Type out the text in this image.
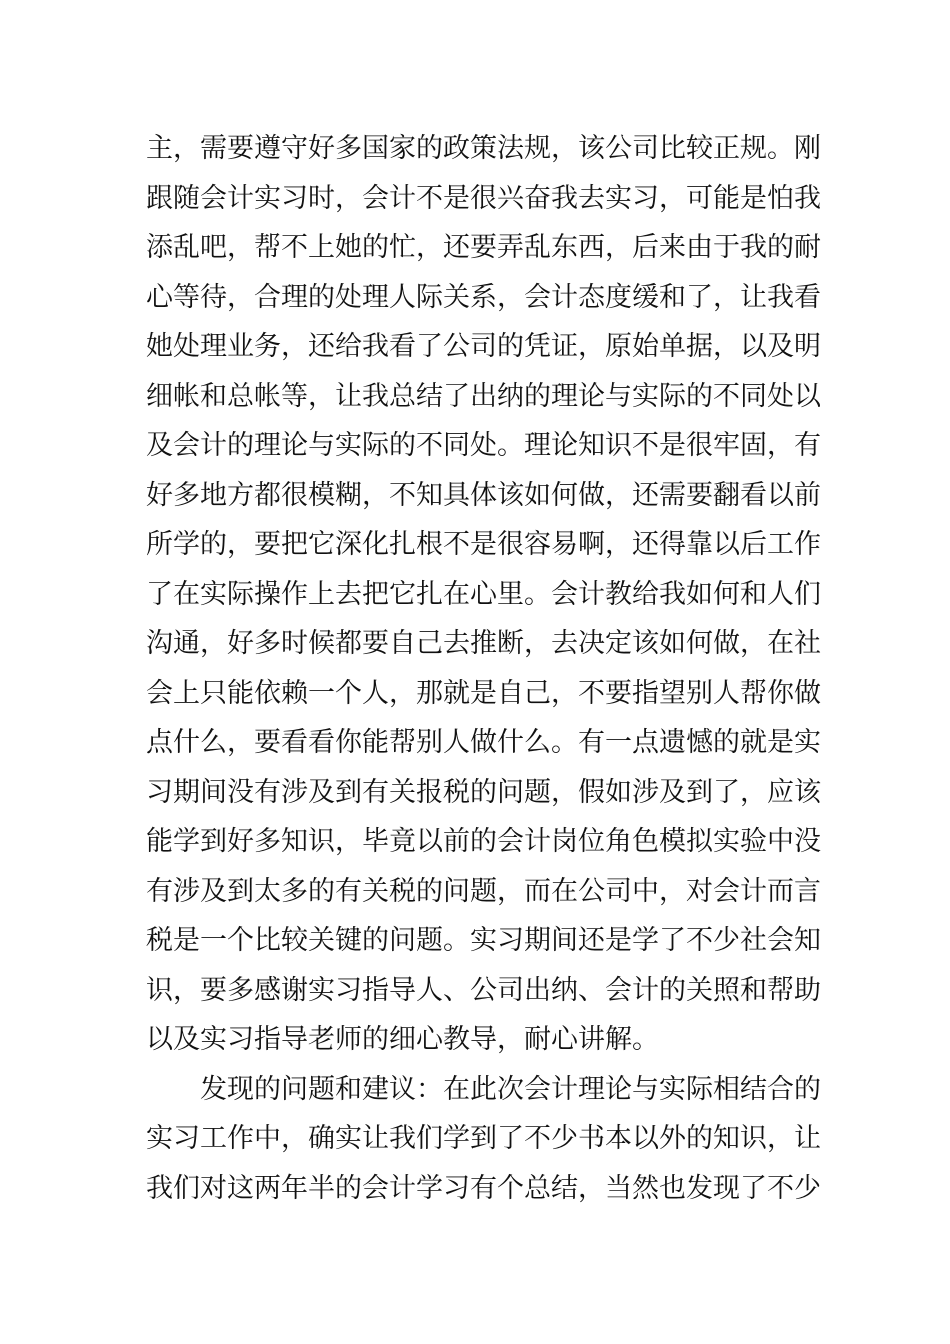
主，需要遵守好多国家的政策法规，该公司比较正规。刚
跟随会计实习时，会计不是很兴奋我去实习，可能是怕我
添乱吧，帮不上她的忙，还要弄乱东西，后来由于我的耐
心等待，合理的处理人际关系，会计态度缓和了，让我看
她处理业务，还给我看了公司的凭证，原始单据，以及明
细帐和总帐等，让我总结了出纳的理论与实际的不同处以
及会计的理论与实际的不同处。理论知识不是很牢固，有
好多地方都很模糊，不知具体该如何做，还需要翻看以前
所学的，要把它深化扎根不是很容易啊，还得靠以后工作
了在实际操作上去把它扎在心里。会计教给我如何和人们
沟通，好多时候都要自己去推断，去决定该如何做，在社
会上只能依赖一个人，那就是自己，不要指望别人帮你做
点什么，要看看你能帮别人做什么。有一点遗憾的就是实
习期间没有涉及到有关报税的问题，假如涉及到了，应该
能学到好多知识，毕竟以前的会计岗位角色模拟实验中没
有涉及到太多的有关税的问题，而在公司中，对会计而言
税是一个比较关键的问题。实习期间还是学了不少社会知
识，要多感谢实习指导人、公司出纳、会计的关照和帮助
以及实习指导老师的细心教导，耐心讲解。
发现的问题和建议：在此次会计理论与实际相结合的
实习工作中，确实让我们学到了不少书本以外的知识，让
我们对这两年半的会计学习有个总结，当然也发现了不少
